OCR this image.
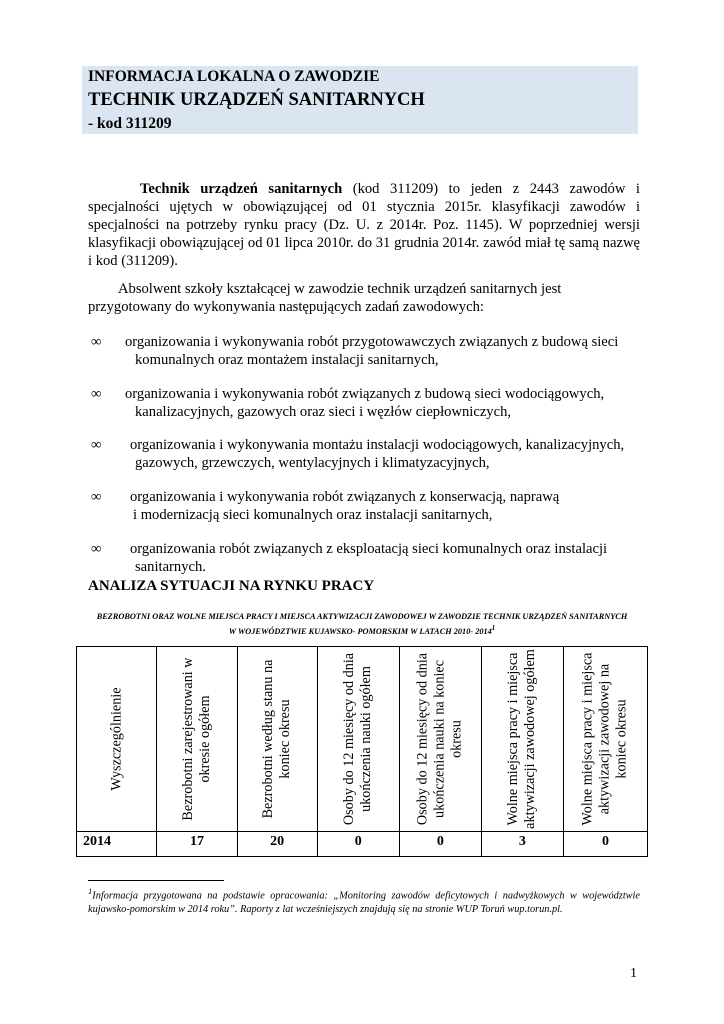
INFORMACJA LOKALNA O ZAWODZIE
TECHNIK URZĄDZEŃ SANITARNYCH
- kod 311209
Technik urządzeń sanitarnych (kod 311209) to jeden z 2443 zawodów i specjalności ujętych w obowiązującej od 01 stycznia 2015r. klasyfikacji zawodów i specjalności na potrzeby rynku pracy (Dz. U. z 2014r. Poz. 1145). W poprzedniej wersji klasyfikacji obowiązującej od 01 lipca 2010r. do 31 grudnia 2014r. zawód miał tę samą nazwę i kod (311209).
Absolwent szkoły kształcącej w zawodzie technik urządzeń sanitarnych jest przygotowany do wykonywania następujących zadań zawodowych:
∞ organizowania i wykonywania robót przygotowawczych związanych z budową sieci
komunalnych oraz montażem instalacji sanitarnych,
∞ organizowania i wykonywania robót związanych z budową sieci wodociągowych,
kanalizacyjnych, gazowych oraz sieci i węzłów ciepłowniczych,
∞ organizowania i wykonywania montażu instalacji wodociągowych, kanalizacyjnych,
gazowych, grzewczych, wentylacyjnych i klimatyzacyjnych,
∞ organizowania i wykonywania robót związanych z konserwacją, naprawą
i modernizacją sieci komunalnych oraz instalacji sanitarnych,
∞ organizowania robót związanych z eksploatacją sieci komunalnych oraz instalacji
sanitarnych.
ANALIZA SYTUACJI NA RYNKU PRACY
BEZROBOTNI ORAZ WOLNE MIEJSCA PRACY I MIEJSCA AKTYWIZACJI ZAWODOWEJ W ZAWODZIE TECHNIK URZĄDZEŃ SANITARNYCH
W WOJEWÓDZTWIE KUJAWSKO- POMORSKIM W LATACH 2010- 2014$^1$
Wyszczególnienie	Bezrobotni zarejestrowani w okresie ogółem	Bezrobotni według stanu na koniec okresu	Osoby do 12 miesięcy od dnia ukończenia nauki ogółem	Osoby do 12 miesięcy od dnia ukończenia nauki na koniec okresu	Wolne miejsca pracy i miejsca aktywizacji zawodowej ogółem	Wolne miejsca pracy i miejsca aktywizacji zawodowej na koniec okresu

2014	17	20	0	0	3	0
$^1$Informacja przygotowana na podstawie opracowania: „Monitoring zawodów deficytowych i nadwyżkowych w województwie kujawsko-pomorskim w 2014 roku”. Raporty z lat wcześniejszych znajdują się na stronie WUP Toruń wup.torun.pl.
1
